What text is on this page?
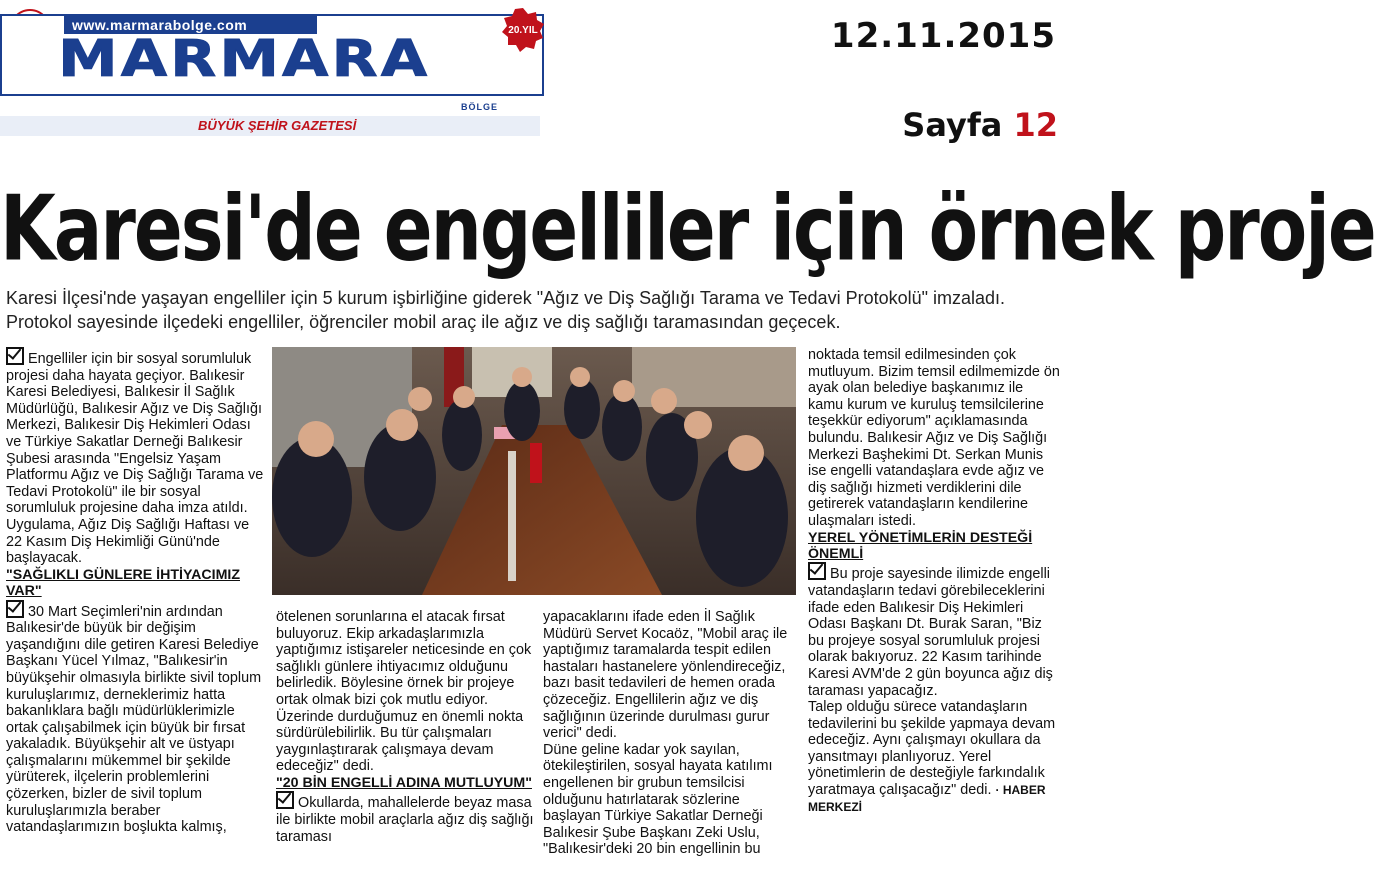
www.marmarabolge.com
MARMARA	20.YIL
BÖLGE
BÜYÜK ŞEHİR GAZETESİ
12.11.2015
Sayfa 12
Karesi'de engelliler için örnek proje
Karesi İlçesi'nde yaşayan engelliler için 5 kurum işbirliğine giderek "Ağız ve Diş Sağlığı Tarama ve Tedavi Protokolü" imzaladı. Protokol sayesinde ilçedeki engelliler, öğrenciler mobil araç ile ağız ve diş sağlığı taramasından geçecek.

Engelliler için bir sosyal sorumluluk projesi daha hayata geçiyor. Balıkesir Karesi Belediyesi, Balıkesir İl Sağlık Müdürlüğü, Balıkesir Ağız ve Diş Sağlığı Merkezi, Balıkesir Diş Hekimleri Odası ve Türkiye Sakatlar Derneği Balıkesir Şubesi arasında "Engelsiz Yaşam Platformu Ağız ve Diş Sağlığı Tarama ve Tedavi Protokolü" ile bir sosyal sorumluluk projesine daha imza atıldı. Uygulama, Ağız Diş Sağlığı Haftası ve 22 Kasım Diş Hekimliği Günü'nde başlayacak.

"SAĞLIKLI GÜNLERE İHTİYACIMIZ VAR"

30 Mart Seçimleri'nin ardından Balıkesir'de büyük bir değişim yaşandığını dile getiren Karesi Belediye Başkanı Yücel Yılmaz, "Balıkesir'in büyükşehir olmasıyla birlikte sivil toplum kuruluşlarımız, derneklerimiz hatta bakanlıklara bağlı müdürlüklerimizle ortak çalışabilmek için büyük bir fırsat yakaladık. Büyükşehir alt ve üstyapı çalışmalarını mükemmel bir şekilde yürüterek, ilçelerin problemlerini çözerken, bizler de sivil toplum kuruluşlarımızla beraber vatandaşlarımızın boşlukta kalmış,

ötelenen sorunlarına el atacak fırsat buluyoruz. Ekip arkadaşlarımızla yaptığımız istişareler neticesinde en çok sağlıklı günlere ihtiyacımız olduğunu belirledik. Böylesine örnek bir projeye ortak olmak bizi çok mutlu ediyor.

Üzerinde durduğumuz en önemli nokta sürdürülebilirlik. Bu tür çalışmaları yaygınlaştırarak çalışmaya devam edeceğiz" dedi.

"20 BİN ENGELLİ ADINA MUTLUYUM"

Okullarda, mahallelerde beyaz masa ile birlikte mobil araçlarla ağız diş sağlığı taraması

yapacaklarını ifade eden İl Sağlık Müdürü Servet Kocaöz, "Mobil araç ile yaptığımız taramalarda tespit edilen hastaları hastanelere yönlendireceğiz, bazı basit tedavileri de hemen orada çözeceğiz. Engellilerin ağız ve diş sağlığının üzerinde durulması gurur verici" dedi.

Düne geline kadar yok sayılan, ötekileştirilen, sosyal hayata katılımı engellenen bir grubun temsilcisi olduğunu hatırlatarak sözlerine başlayan Türkiye Sakatlar Derneği Balıkesir Şube Başkanı Zeki Uslu, "Balıkesir'deki 20 bin engellinin bu

noktada temsil edilmesinden çok mutluyum. Bizim temsil edilmemizde ön ayak olan belediye başkanımız ile kamu kurum ve kuruluş temsilcilerine teşekkür ediyorum" açıklamasında bulundu. Balıkesir Ağız ve Diş Sağlığı Merkezi Başhekimi Dt. Serkan Munis ise engelli vatandaşlara evde ağız ve diş sağlığı hizmeti verdiklerini dile getirerek vatandaşların kendilerine ulaşmaları istedi.

YEREL YÖNETİMLERİN DESTEĞİ ÖNEMLİ

Bu proje sayesinde ilimizde engelli vatandaşların tedavi görebileceklerini ifade eden Balıkesir Diş Hekimleri Odası Başkanı Dt. Burak Saran, "Biz bu projeye sosyal sorumluluk projesi olarak bakıyoruz. 22 Kasım tarihinde Karesi AVM'de 2 gün boyunca ağız diş taraması yapacağız.

Talep olduğu sürece vatandaşların tedavilerini bu şekilde yapmaya devam edeceğiz. Aynı çalışmayı okullara da yansıtmayı planlıyoruz. Yerel yönetimlerin de desteğiyle farkındalık yaratmaya çalışacağız" dedi. · HABER MERKEZİ
